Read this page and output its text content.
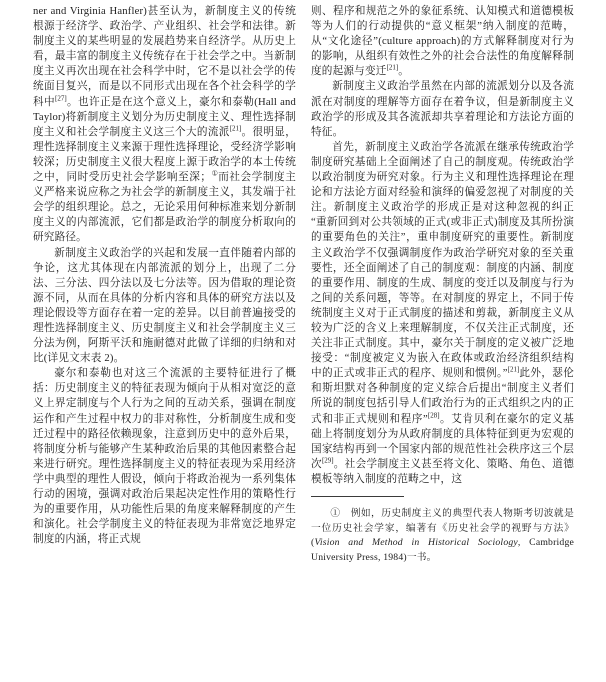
ner and Virginia Hanfler)甚至认为，新制度主义的传统根源于经济学、政治学、产业组织、社会学和法律。新制度主义的某些明显的发展趋势来自经济学。从历史上看，最丰富的制度主义传统存在于社会学之中。当新制度主义再次出现在社会科学中时，它不是以社会学的传统面目复兴，而是以不同形式出现在各个社会科学的学科中[27]。也许正是在这个意义上，豪尔和泰勒(Hall and Taylor)将新制度主义划分为历史制度主义、理性选择制度主义和社会学制度主义这三个大的流派[21]。很明显，理性选择制度主义来源于理性选择理论，受经济学影响较深；历史制度主义很大程度上源于政治学的本土传统之中，同时受历史社会学影响至深；①而社会学制度主义严格来说应称之为社会学的新制度主义，其发端于社会学的组织理论。总之，无论采用何种标准来划分新制度主义的内部流派，它们都是政治学的制度分析取向的研究路径。

新制度主义政治学的兴起和发展一直伴随着内部的争论，这尤其体现在内部流派的划分上，出现了二分法、三分法、四分法以及七分法等。因为借取的理论资源不同，从而在具体的分析内容和具体的研究方法以及理论假设等方面存在着一定的差异。以目前普遍接受的理性选择制度主义、历史制度主义和社会学制度主义三分法为例，阿斯平沃和施耐德对此做了详细的归纳和对比(详见文末表 2)。

豪尔和泰勒也对这三个流派的主要特征进行了概括：历史制度主义的特征表现为倾向于从相对宽泛的意义上界定制度与个人行为之间的互动关系，强调在制度运作和产生过程中权力的非对称性，分析制度生成和变迁过程中的路径依赖现象，注意到历史中的意外后果，将制度分析与能够产生某种政治后果的其他因素整合起来进行研究。理性选择制度主义的特征表现为采用经济学中典型的理性人假设，倾向于将政治视为一系列集体行动的困境，强调对政治后果起决定性作用的策略性行为的重要作用，从功能性后果的角度来解释制度的产生和演化。社会学制度主义的特征表现为非常宽泛地界定制度的内涵，将正式规

则、程序和规范之外的象征系统、认知模式和道德模板等为人们的行动提供的“意义框架”纳入制度的范畴，从“文化途径”(culture approach)的方式解释制度对行为的影响，从组织有效性之外的社会合法性的角度解释制度的起源与变迁[21]。

新制度主义政治学虽然在内部的流派划分以及各流派在对制度的理解等方面存在着争议，但是新制度主义政治学的形成及其各流派却共享着理论和方法论方面的特征。

首先，新制度主义政治学各流派在继承传统政治学制度研究基础上全面阐述了自己的制度观。传统政治学以政治制度为研究对象。行为主义和理性选择理论在理论和方法论方面对经验和演绎的偏爱忽视了对制度的关注。新制度主义政治学的形成正是对这种忽视的纠正 “重新回到对公共领域的正式(或非正式)制度及其所扮演的重要角色的关注”，重申制度研究的重要性。新制度主义政治学不仅强调制度作为政治学研究对象的至关重要性，还全面阐述了自己的制度观：制度的内涵、制度的重要作用、制度的生成、制度的变迁以及制度与行为之间的关系问题，等等。在对制度的界定上，不同于传统制度主义对于正式制度的描述和剪裁，新制度主义从较为广泛的含义上来理解制度，不仅关注正式制度，还关注非正式制度。其中，豪尔关于制度的定义被广泛地接受：“制度被定义为嵌入在政体或政治经济组织结构中的正式或非正式的程序、规则和惯例。”[21]此外，瑟伦和斯坦默对各种制度的定义综合后提出“制度主义者们所说的制度包括引导人们政治行为的正式组织之内的正式和非正式规则和程序”[28]。艾肯贝利在豪尔的定义基础上将制度划分为从政府制度的具体特征到更为宏观的国家结构再到一个国家内部的规范性社会秩序这三个层次[29]。社会学制度主义甚至将文化、策略、角色、道德模板等纳入制度的范畴之中，这

①　例如，历史制度主义的典型代表人物斯考切波就是一位历史社会学家，编著有《历史社会学的视野与方法》(Vision and Method in Historical Sociology, Cambridge University Press, 1984)一书。
